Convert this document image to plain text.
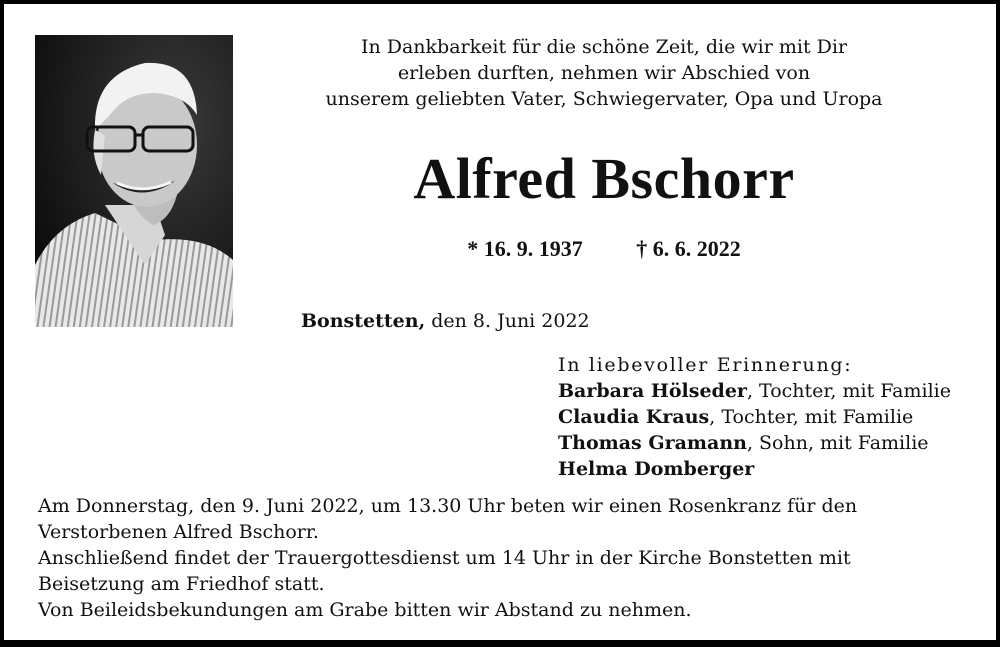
In Dankbarkeit für die schöne Zeit, die wir mit Dir
erleben durften, nehmen wir Abschied von
unserem geliebten Vater, Schwiegervater, Opa und Uropa
Alfred Bschorr
* 16. 9. 1937 † 6. 6. 2022
Bonstetten, den 8. Juni 2022
In liebevoller Erinnerung:
Barbara Hölseder, Tochter, mit Familie
Claudia Kraus, Tochter, mit Familie
Thomas Gramann, Sohn, mit Familie
Helma Domberger
Am Donnerstag, den 9. Juni 2022, um 13.30 Uhr beten wir einen Rosenkranz für den
Verstorbenen Alfred Bschorr.
Anschließend findet der Trauergottesdienst um 14 Uhr in der Kirche Bonstetten mit
Beisetzung am Friedhof statt.
Von Beileidsbekundungen am Grabe bitten wir Abstand zu nehmen.
